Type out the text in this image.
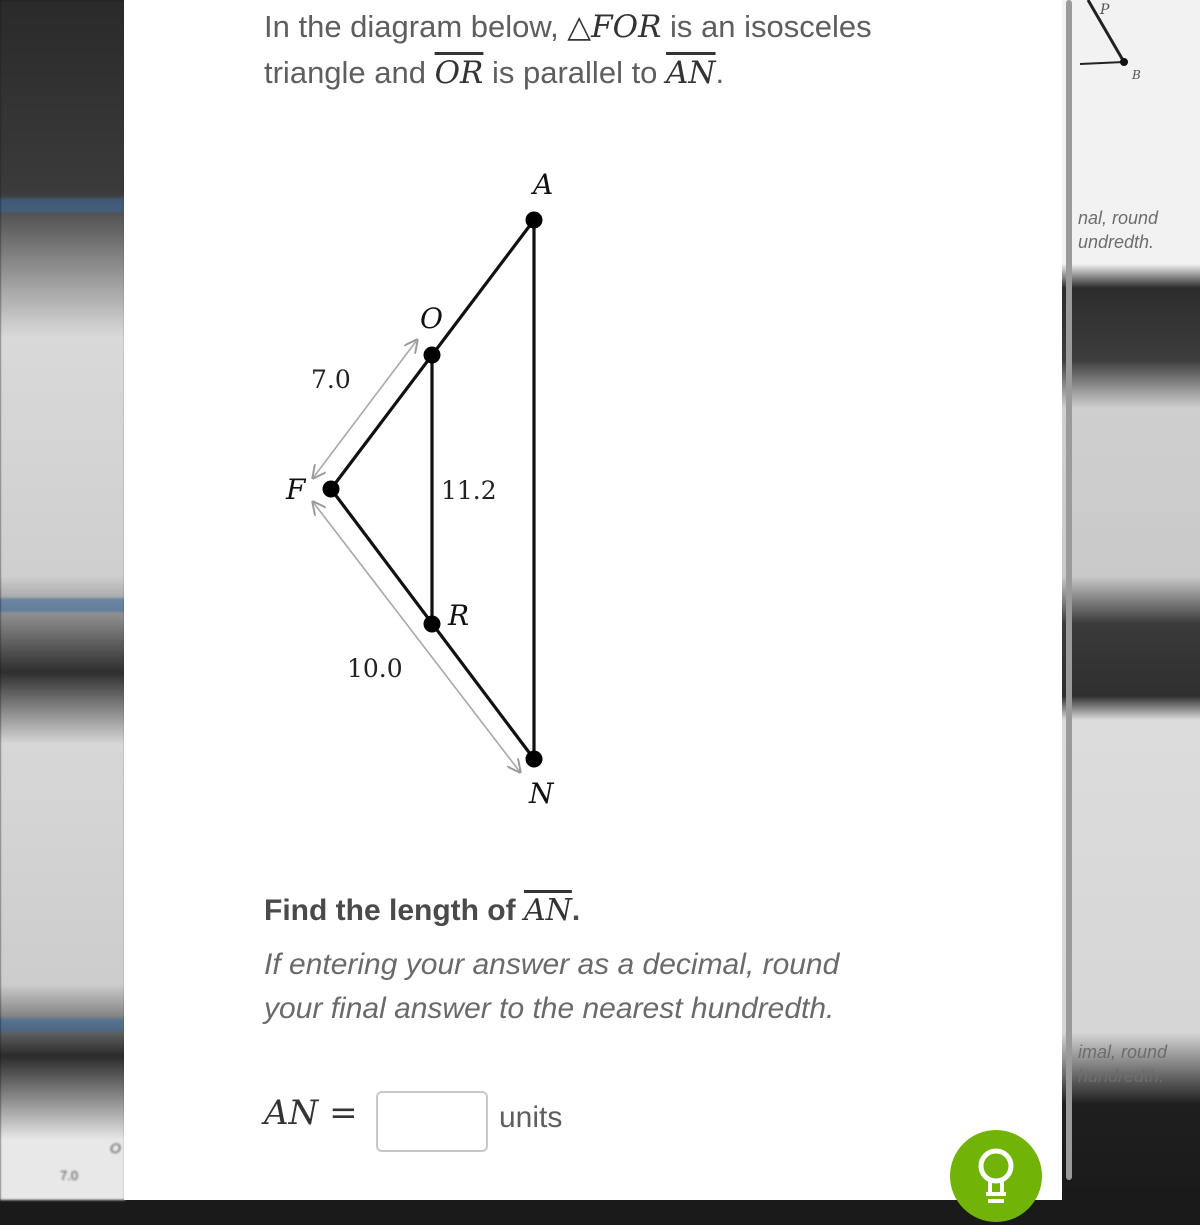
7.0
O
P
B
nal, round
undredth.
imal, round
hundredth.
In the diagram below, △FOR is an isosceles
triangle and $\overline{OR}$ is parallel to $\overline{AN}$.
A
O
F
R
N
7.0
11.2
10.0
Find the length of $\overline{AN}$.
If entering your answer as a decimal, round
your final answer to the nearest hundredth.
AN =	units
